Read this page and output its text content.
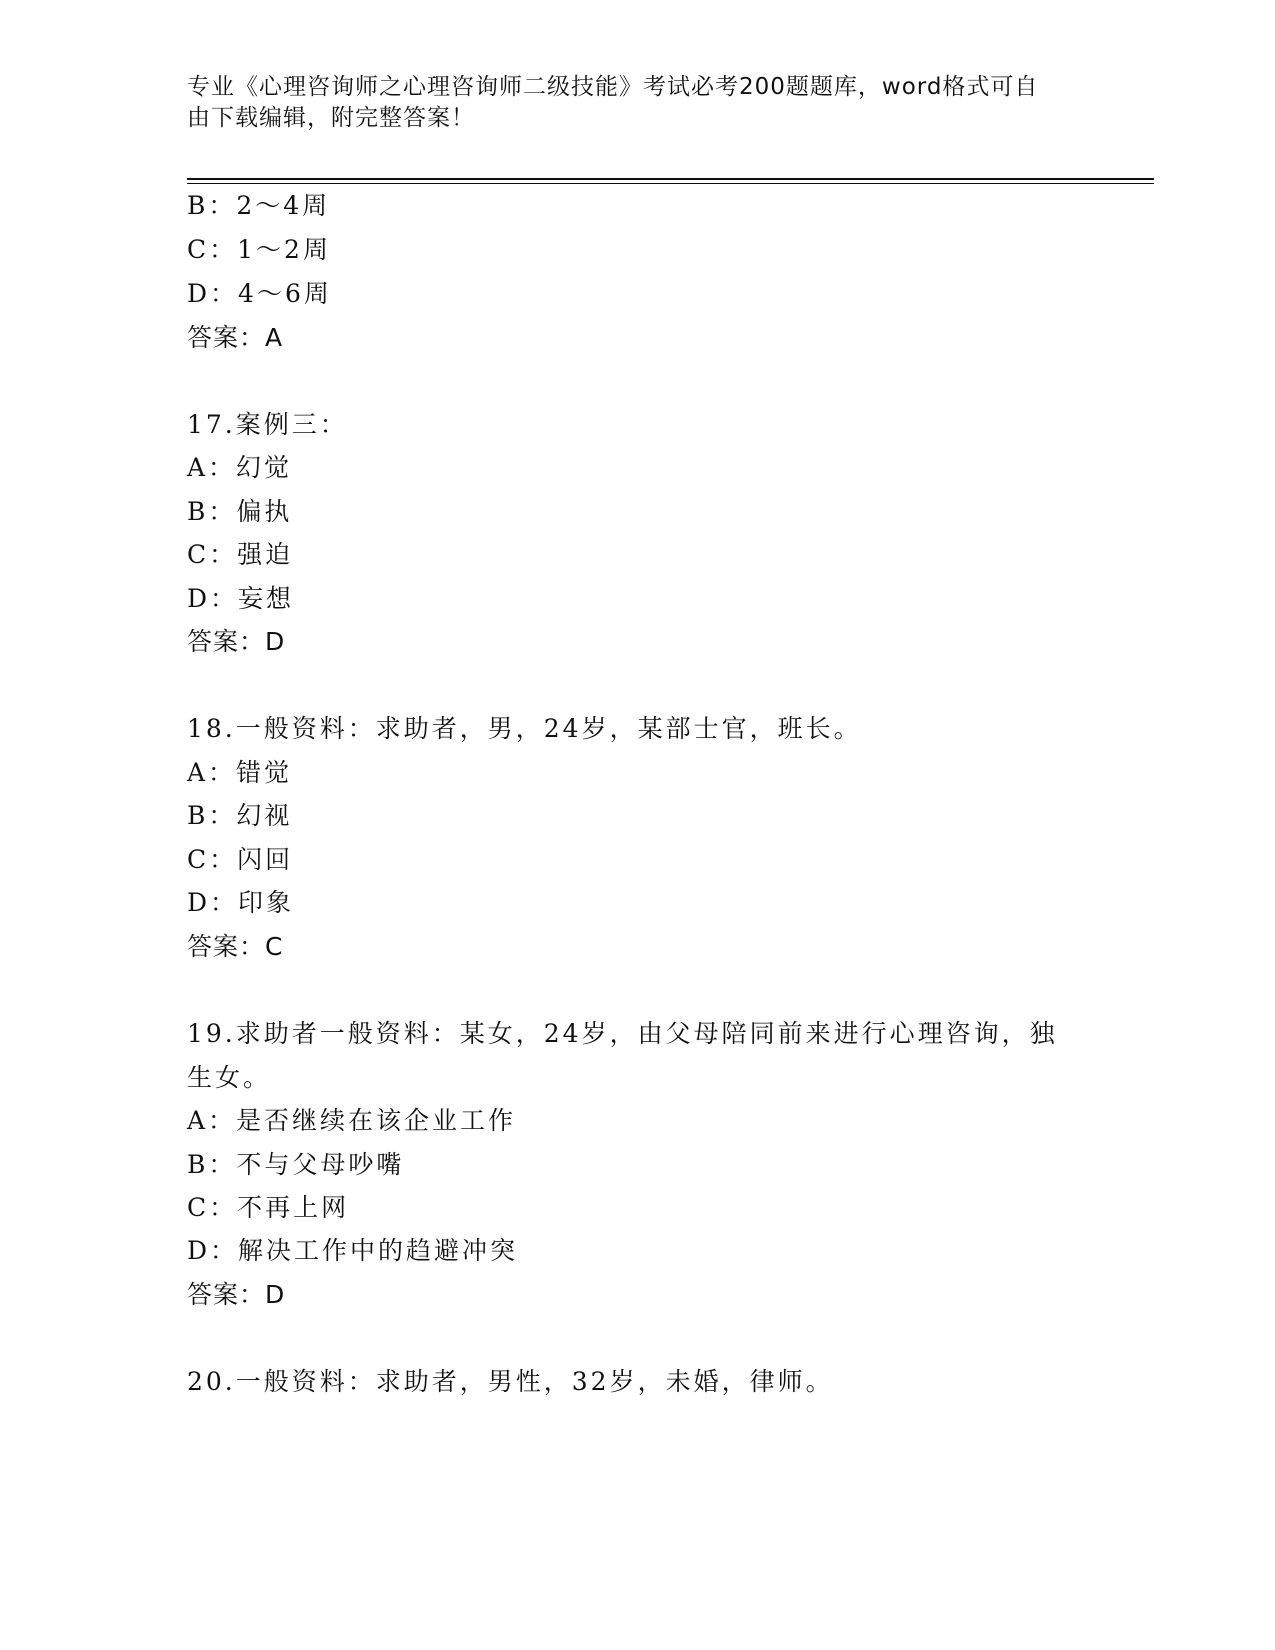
专业《心理咨询师之心理咨询师二级技能》考试必考200题题库，word格式可自
由下载编辑，附完整答案！
B：2～4周
C：1～2周
D：4～6周
答案：A
17.案例三：
A：幻觉
B：偏执
C：强迫
D：妄想
答案：D
18.一般资料：求助者，男，24岁，某部士官，班长。
A：错觉
B：幻视
C：闪回
D：印象
答案：C
19.求助者一般资料：某女，24岁，由父母陪同前来进行心理咨询，独
生女。
A：是否继续在该企业工作
B：不与父母吵嘴
C：不再上网
D：解决工作中的趋避冲突
答案：D
20.一般资料：求助者，男性，32岁，未婚，律师。
